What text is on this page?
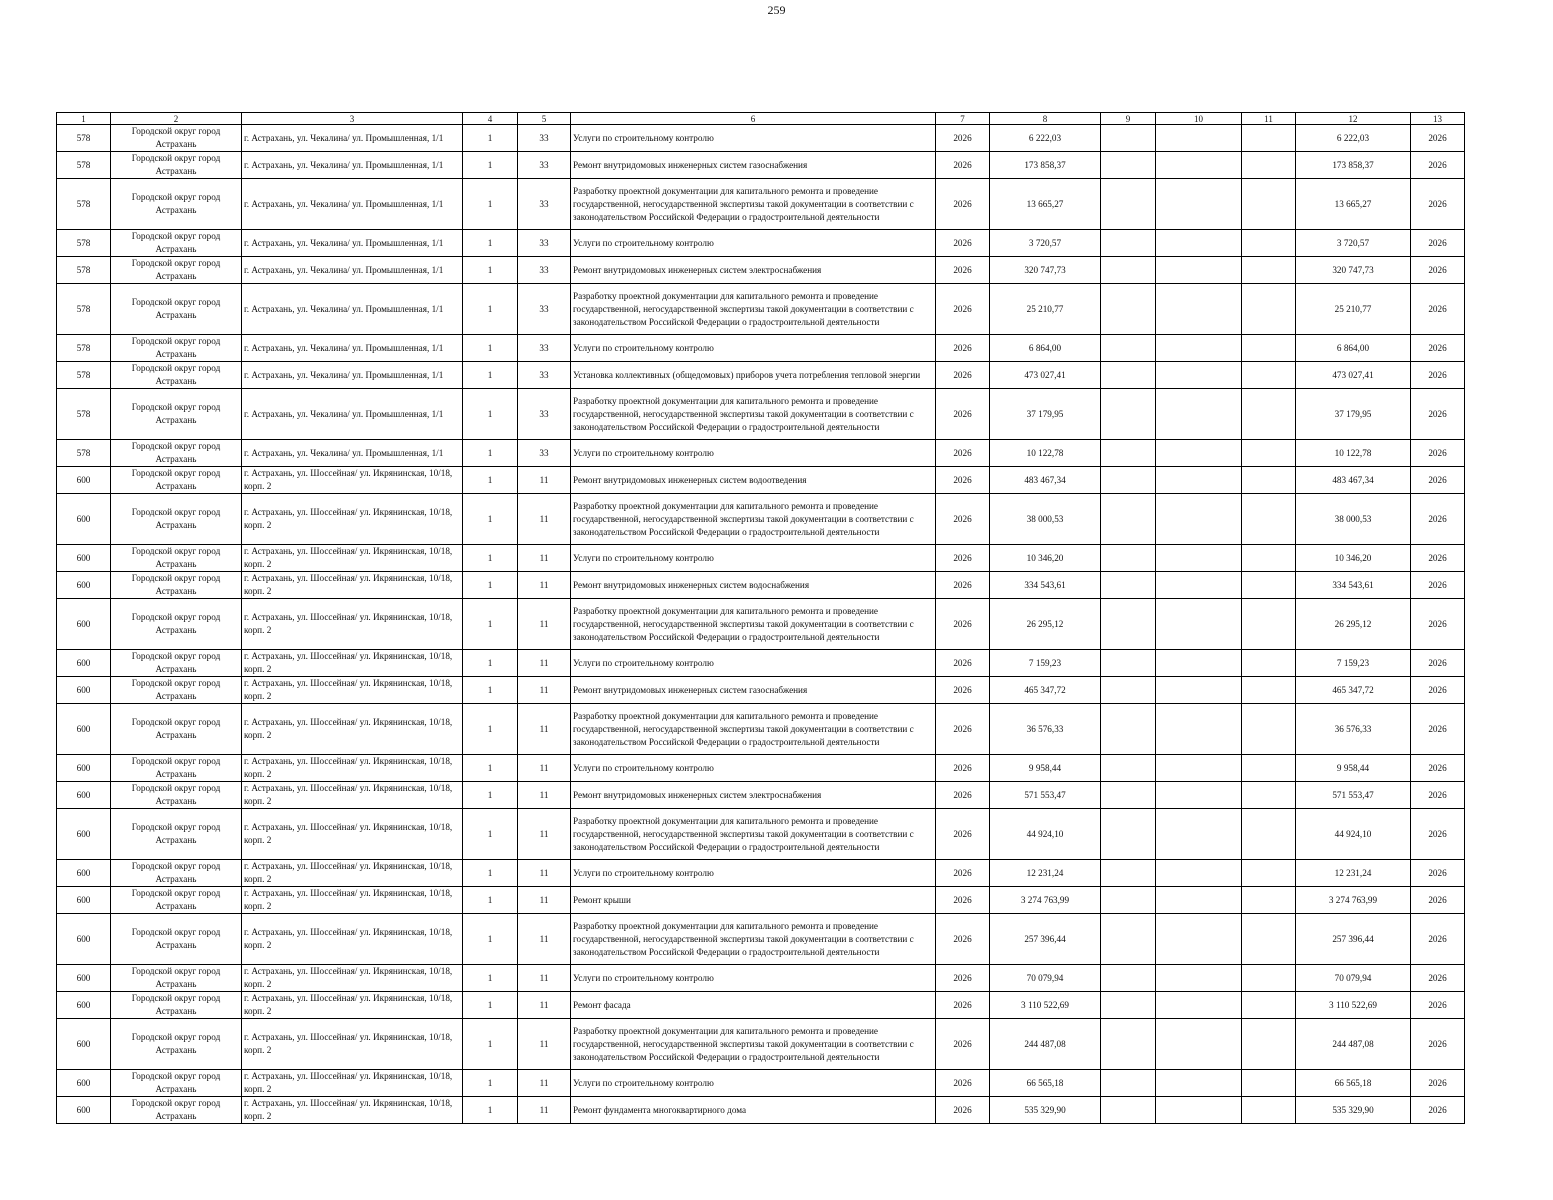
259
1	2	3	4	5	6	7	8	9	10	11	12	13
578	Городской округ город Астрахань	г. Астрахань, ул. Чекалина/ ул. Промышленная, 1/1	1	33	Услуги по строительному контролю	2026	6 222,03				6 222,03	2026
578	Городской округ город Астрахань	г. Астрахань, ул. Чекалина/ ул. Промышленная, 1/1	1	33	Ремонт внутридомовых инженерных систем газоснабжения	2026	173 858,37				173 858,37	2026
578	Городской округ город Астрахань	г. Астрахань, ул. Чекалина/ ул. Промышленная, 1/1	1	33	Разработку проектной документации для капитального ремонта и проведение государственной, негосударственной экспертизы такой документации в соответствии с законодательством Российской Федерации о градостроительной деятельности	2026	13 665,27				13 665,27	2026
578	Городской округ город Астрахань	г. Астрахань, ул. Чекалина/ ул. Промышленная, 1/1	1	33	Услуги по строительному контролю	2026	3 720,57				3 720,57	2026
578	Городской округ город Астрахань	г. Астрахань, ул. Чекалина/ ул. Промышленная, 1/1	1	33	Ремонт внутридомовых инженерных систем электроснабжения	2026	320 747,73				320 747,73	2026
578	Городской округ город Астрахань	г. Астрахань, ул. Чекалина/ ул. Промышленная, 1/1	1	33	Разработку проектной документации для капитального ремонта и проведение государственной, негосударственной экспертизы такой документации в соответствии с законодательством Российской Федерации о градостроительной деятельности	2026	25 210,77				25 210,77	2026
578	Городской округ город Астрахань	г. Астрахань, ул. Чекалина/ ул. Промышленная, 1/1	1	33	Услуги по строительному контролю	2026	6 864,00				6 864,00	2026
578	Городской округ город Астрахань	г. Астрахань, ул. Чекалина/ ул. Промышленная, 1/1	1	33	Установка коллективных (общедомовых) приборов учета потребления тепловой энергии	2026	473 027,41				473 027,41	2026
578	Городской округ город Астрахань	г. Астрахань, ул. Чекалина/ ул. Промышленная, 1/1	1	33	Разработку проектной документации для капитального ремонта и проведение государственной, негосударственной экспертизы такой документации в соответствии с законодательством Российской Федерации о градостроительной деятельности	2026	37 179,95				37 179,95	2026
578	Городской округ город Астрахань	г. Астрахань, ул. Чекалина/ ул. Промышленная, 1/1	1	33	Услуги по строительному контролю	2026	10 122,78				10 122,78	2026
600	Городской округ город Астрахань	г. Астрахань, ул. Шоссейная/ ул. Икрянинская, 10/18, корп. 2	1	11	Ремонт внутридомовых инженерных систем водоотведения	2026	483 467,34				483 467,34	2026
600	Городской округ город Астрахань	г. Астрахань, ул. Шоссейная/ ул. Икрянинская, 10/18, корп. 2	1	11	Разработку проектной документации для капитального ремонта и проведение государственной, негосударственной экспертизы такой документации в соответствии с законодательством Российской Федерации о градостроительной деятельности	2026	38 000,53				38 000,53	2026
600	Городской округ город Астрахань	г. Астрахань, ул. Шоссейная/ ул. Икрянинская, 10/18, корп. 2	1	11	Услуги по строительному контролю	2026	10 346,20				10 346,20	2026
600	Городской округ город Астрахань	г. Астрахань, ул. Шоссейная/ ул. Икрянинская, 10/18, корп. 2	1	11	Ремонт внутридомовых инженерных систем водоснабжения	2026	334 543,61				334 543,61	2026
600	Городской округ город Астрахань	г. Астрахань, ул. Шоссейная/ ул. Икрянинская, 10/18, корп. 2	1	11	Разработку проектной документации для капитального ремонта и проведение государственной, негосударственной экспертизы такой документации в соответствии с законодательством Российской Федерации о градостроительной деятельности	2026	26 295,12				26 295,12	2026
600	Городской округ город Астрахань	г. Астрахань, ул. Шоссейная/ ул. Икрянинская, 10/18, корп. 2	1	11	Услуги по строительному контролю	2026	7 159,23				7 159,23	2026
600	Городской округ город Астрахань	г. Астрахань, ул. Шоссейная/ ул. Икрянинская, 10/18, корп. 2	1	11	Ремонт внутридомовых инженерных систем газоснабжения	2026	465 347,72				465 347,72	2026
600	Городской округ город Астрахань	г. Астрахань, ул. Шоссейная/ ул. Икрянинская, 10/18, корп. 2	1	11	Разработку проектной документации для капитального ремонта и проведение государственной, негосударственной экспертизы такой документации в соответствии с законодательством Российской Федерации о градостроительной деятельности	2026	36 576,33				36 576,33	2026
600	Городской округ город Астрахань	г. Астрахань, ул. Шоссейная/ ул. Икрянинская, 10/18, корп. 2	1	11	Услуги по строительному контролю	2026	9 958,44				9 958,44	2026
600	Городской округ город Астрахань	г. Астрахань, ул. Шоссейная/ ул. Икрянинская, 10/18, корп. 2	1	11	Ремонт внутридомовых инженерных систем электроснабжения	2026	571 553,47				571 553,47	2026
600	Городской округ город Астрахань	г. Астрахань, ул. Шоссейная/ ул. Икрянинская, 10/18, корп. 2	1	11	Разработку проектной документации для капитального ремонта и проведение государственной, негосударственной экспертизы такой документации в соответствии с законодательством Российской Федерации о градостроительной деятельности	2026	44 924,10				44 924,10	2026
600	Городской округ город Астрахань	г. Астрахань, ул. Шоссейная/ ул. Икрянинская, 10/18, корп. 2	1	11	Услуги по строительному контролю	2026	12 231,24				12 231,24	2026
600	Городской округ город Астрахань	г. Астрахань, ул. Шоссейная/ ул. Икрянинская, 10/18, корп. 2	1	11	Ремонт крыши	2026	3 274 763,99				3 274 763,99	2026
600	Городской округ город Астрахань	г. Астрахань, ул. Шоссейная/ ул. Икрянинская, 10/18, корп. 2	1	11	Разработку проектной документации для капитального ремонта и проведение государственной, негосударственной экспертизы такой документации в соответствии с законодательством Российской Федерации о градостроительной деятельности	2026	257 396,44				257 396,44	2026
600	Городской округ город Астрахань	г. Астрахань, ул. Шоссейная/ ул. Икрянинская, 10/18, корп. 2	1	11	Услуги по строительному контролю	2026	70 079,94				70 079,94	2026
600	Городской округ город Астрахань	г. Астрахань, ул. Шоссейная/ ул. Икрянинская, 10/18, корп. 2	1	11	Ремонт фасада	2026	3 110 522,69				3 110 522,69	2026
600	Городской округ город Астрахань	г. Астрахань, ул. Шоссейная/ ул. Икрянинская, 10/18, корп. 2	1	11	Разработку проектной документации для капитального ремонта и проведение государственной, негосударственной экспертизы такой документации в соответствии с законодательством Российской Федерации о градостроительной деятельности	2026	244 487,08				244 487,08	2026
600	Городской округ город Астрахань	г. Астрахань, ул. Шоссейная/ ул. Икрянинская, 10/18, корп. 2	1	11	Услуги по строительному контролю	2026	66 565,18				66 565,18	2026
600	Городской округ город Астрахань	г. Астрахань, ул. Шоссейная/ ул. Икрянинская, 10/18, корп. 2	1	11	Ремонт фундамента многоквартирного дома	2026	535 329,90				535 329,90	2026
